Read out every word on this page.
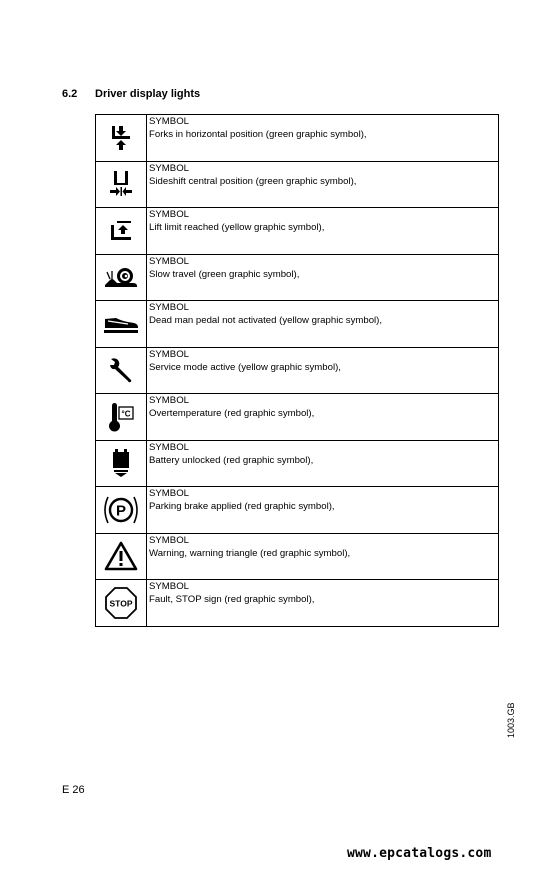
6.2 Driver display lights

SYMBOL
Forks in horizontal position (green graphic symbol),

SYMBOL
Sideshift central position (green graphic symbol),

SYMBOL
Lift limit reached (yellow graphic symbol),

SYMBOL
Slow travel (green graphic symbol),

SYMBOL
Dead man pedal not activated (yellow graphic symbol),

SYMBOL
Service mode active (yellow graphic symbol),

°C	SYMBOL
Overtemperature (red graphic symbol),

SYMBOL
Battery unlocked (red graphic symbol),

P	SYMBOL
Parking brake applied (red graphic symbol),

SYMBOL
Warning, warning triangle (red graphic symbol),

STOP	SYMBOL
Fault, STOP sign (red graphic symbol),
1003.GB
E 26
www.epcatalogs.com
